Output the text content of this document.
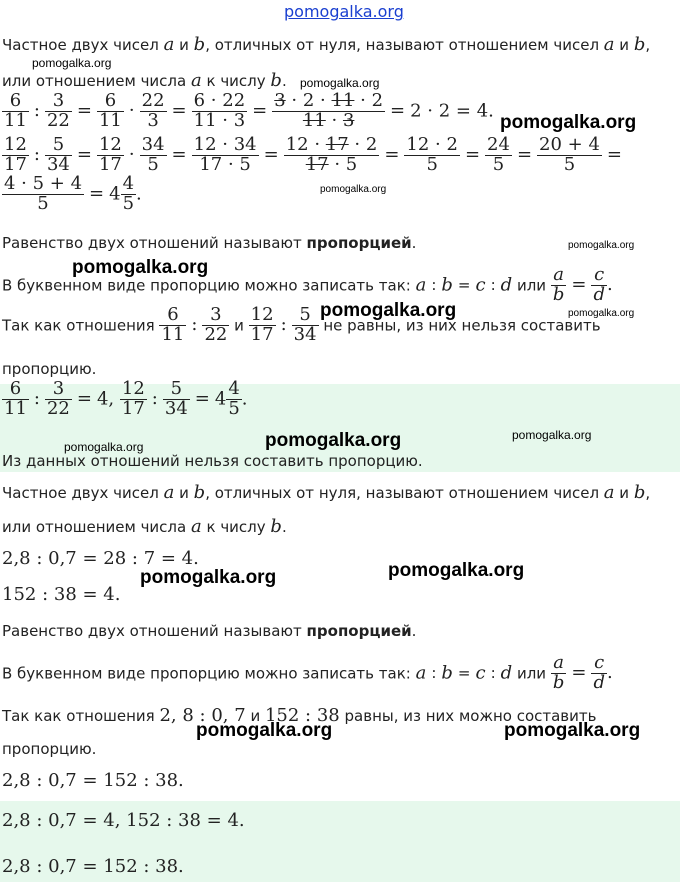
pomogalka.org
Частное двух чисел a и b, отличных от нуля, называют отношением чисел a и b,
pomogalka.org
или отношением числа a к числу b. pomogalka.org
$\frac{6}{11}$ : $\frac{3}{22} = \frac{6}{11} \cdot \frac{22}{3} = \frac{6 \cdot 22}{11 \cdot 3} = \frac{3 \cdot 2 \cdot 11 \cdot 2}{11 \cdot 3} = 2 \cdot 2 = 4$.
pomogalka.org
$\frac{12}{17}$ : $\frac{5}{34} = \frac{12}{17} \cdot \frac{34}{5} = \frac{12 \cdot 34}{17 \cdot 5} = \frac{12 \cdot 17 \cdot 2}{17 \cdot 5} = \frac{12 \cdot 2}{5} = \frac{24}{5} = \frac{20 + 4}{5}$ =

$\frac{4 \cdot 5 + 4}{5} = 4 \frac{4}{5}$ .	pomogalka.org
Равенство двух отношений называют пропорцией.	pomogalka.org
pomogalka.org
В буквенном виде пропорцию можно записать так: a : b = c : d или $\frac{a}{b} = \frac{c}{d}$ .
pomogalka.org
Так как отношения $\frac{6}{11}$ : $\frac{3}{22}$ и $\frac{12}{17}$ : $\frac{5}{34}$ не равны, из них нельзя составить
pomogalka.org
пропорцию.
$\frac{6}{11}$ : $\frac{3}{22} = 4$, $\frac{12}{17}$ : $\frac{5}{34} = 4 \frac{4}{5}$ .
pomogalka.org	pomogalka.org	pomogalka.org
Из данных отношений нельзя составить пропорцию.
Частное двух чисел a и b, отличных от нуля, называют отношением чисел a и b,
или отношением числа a к числу b.
2,8 : 0,7 = 28 : 7 = 4.
pomogalka.org	pomogalka.org
152 : 38 = 4.
Равенство двух отношений называют пропорцией.
В буквенном виде пропорцию можно записать так: a : b = c : d или $\frac{a}{b} = \frac{c}{d}$ .
Так как отношения 2, 8 : 0, 7 и 152 : 38 равны, из них можно составить
pomogalka.org	pomogalka.org
пропорцию.
2,8 : 0,7 = 152 : 38.
2,8 : 0,7 = 4, 152 : 38 = 4.
2,8 : 0,7 = 152 : 38.
